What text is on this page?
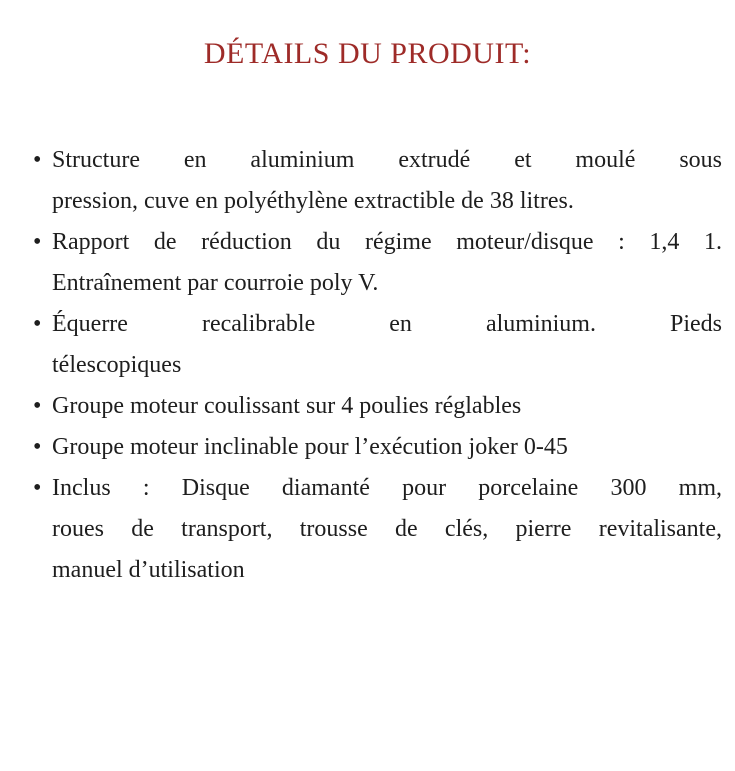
DÉTAILS DU PRODUIT:
• Structure en aluminium extrudé et moulé sous
pression, cuve en polyéthylène extractible de 38 litres.
• Rapport de réduction du régime moteur/disque : 1,4 1.
Entraînement par courroie poly V.
• Équerre recalibrable en aluminium. Pieds
télescopiques
• Groupe moteur coulissant sur 4 poulies réglables
• Groupe moteur inclinable pour l’exécution joker 0-45
• Inclus : Disque diamanté pour porcelaine 300 mm,
roues de transport, trousse de clés, pierre revitalisante,
manuel d’utilisation
